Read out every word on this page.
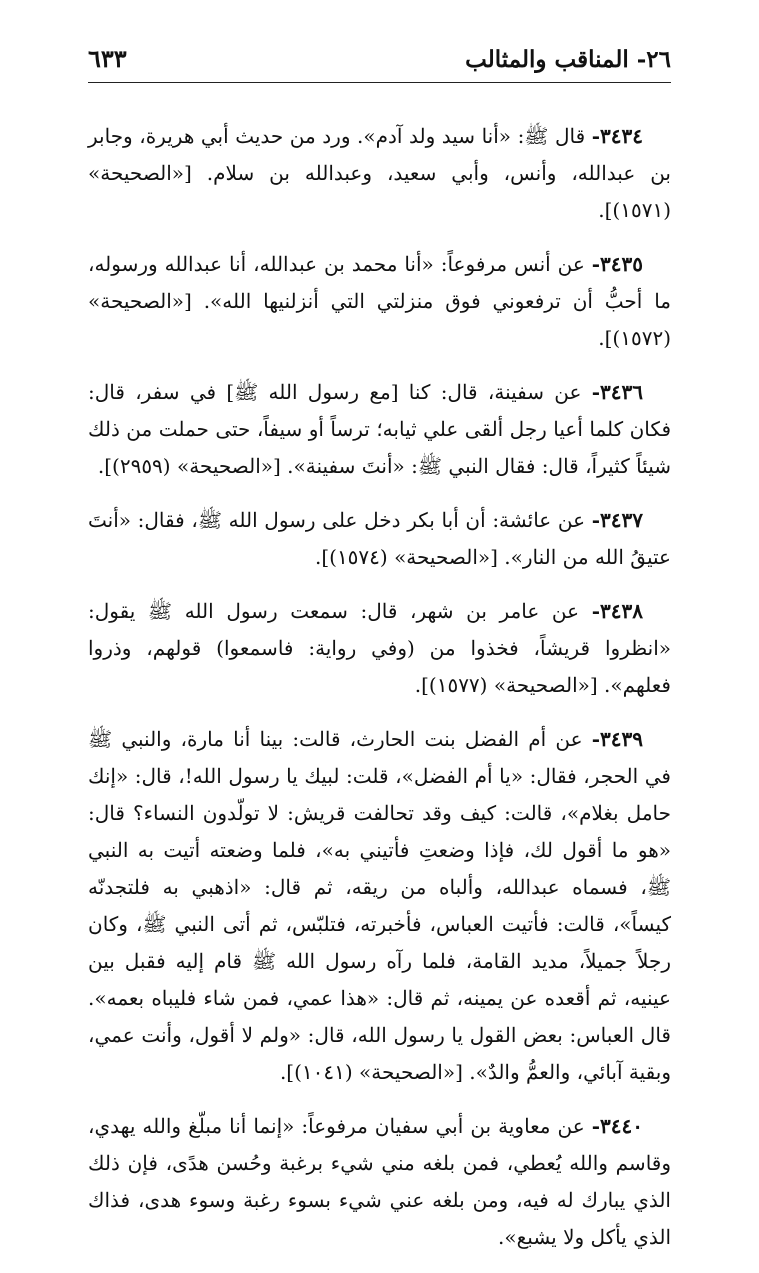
٢٦- المناقب والمثالب
٦٣٣

٣٤٣٤- قال ﷺ: «أنا سيد ولد آدم». ورد من حديث أبي هريرة، وجابر بن عبدالله، وأنس، وأبي سعيد، وعبدالله بن سلام. [«الصحيحة» (١٥٧١)].

٣٤٣٥- عن أنس مرفوعاً: «أنا محمد بن عبدالله، أنا عبدالله ورسوله، ما أحبُّ أن ترفعوني فوق منزلتي التي أنزلنيها الله». [«الصحيحة» (١٥٧٢)].

٣٤٣٦- عن سفينة، قال: كنا [مع رسول الله ﷺ] في سفر، قال: فكان كلما أعيا رجل ألقى علي ثيابه؛ ترساً أو سيفاً، حتى حملت من ذلك شيئاً كثيراً، قال: فقال النبي ﷺ: «أنتَ سفينة». [«الصحيحة» (٢٩٥٩)].

٣٤٣٧- عن عائشة: أن أبا بكر دخل على رسول الله ﷺ، فقال: «أنتَ عتيقُ الله من النار». [«الصحيحة» (١٥٧٤)].

٣٤٣٨- عن عامر بن شهر، قال: سمعت رسول الله ﷺ يقول: «انظروا قريشاً، فخذوا من (وفي رواية: فاسمعوا) قولهم، وذروا فعلهم». [«الصحيحة» (١٥٧٧)].

٣٤٣٩- عن أم الفضل بنت الحارث، قالت: بينا أنا مارة، والنبي ﷺ في الحجر، فقال: «يا أم الفضل»، قلت: لبيك يا رسول الله!، قال: «إنك حامل بغلام»، قالت: كيف وقد تحالفت قريش: لا تولّدون النساء؟ قال: «هو ما أقول لك، فإذا وضعتِ فأتيني به»، فلما وضعته أتيت به النبي ﷺ، فسماه عبدالله، وألباه من ريقه، ثم قال: «اذهبي به فلتجدنّه كيساً»، قالت: فأتيت العباس، فأخبرته، فتلبّس، ثم أتى النبي ﷺ، وكان رجلاً جميلاً، مديد القامة، فلما رآه رسول الله ﷺ قام إليه فقبل بين عينيه، ثم أقعده عن يمينه، ثم قال: «هذا عمي، فمن شاء فليباه بعمه». قال العباس: بعض القول يا رسول الله، قال: «ولم لا أقول، وأنت عمي، وبقية آبائي، والعمُّ والدٌ». [«الصحيحة» (١٠٤١)].

٣٤٤٠- عن معاوية بن أبي سفيان مرفوعاً: «إنما أنا مبلّغ والله يهدي، وقاسم والله يُعطي، فمن بلغه مني شيء برغبة وحُسن هدًى، فإن ذلك الذي يبارك له فيه، ومن بلغه عني شيء بسوء رغبة وسوء هدى، فذاك الذي يأكل ولا يشبع».
